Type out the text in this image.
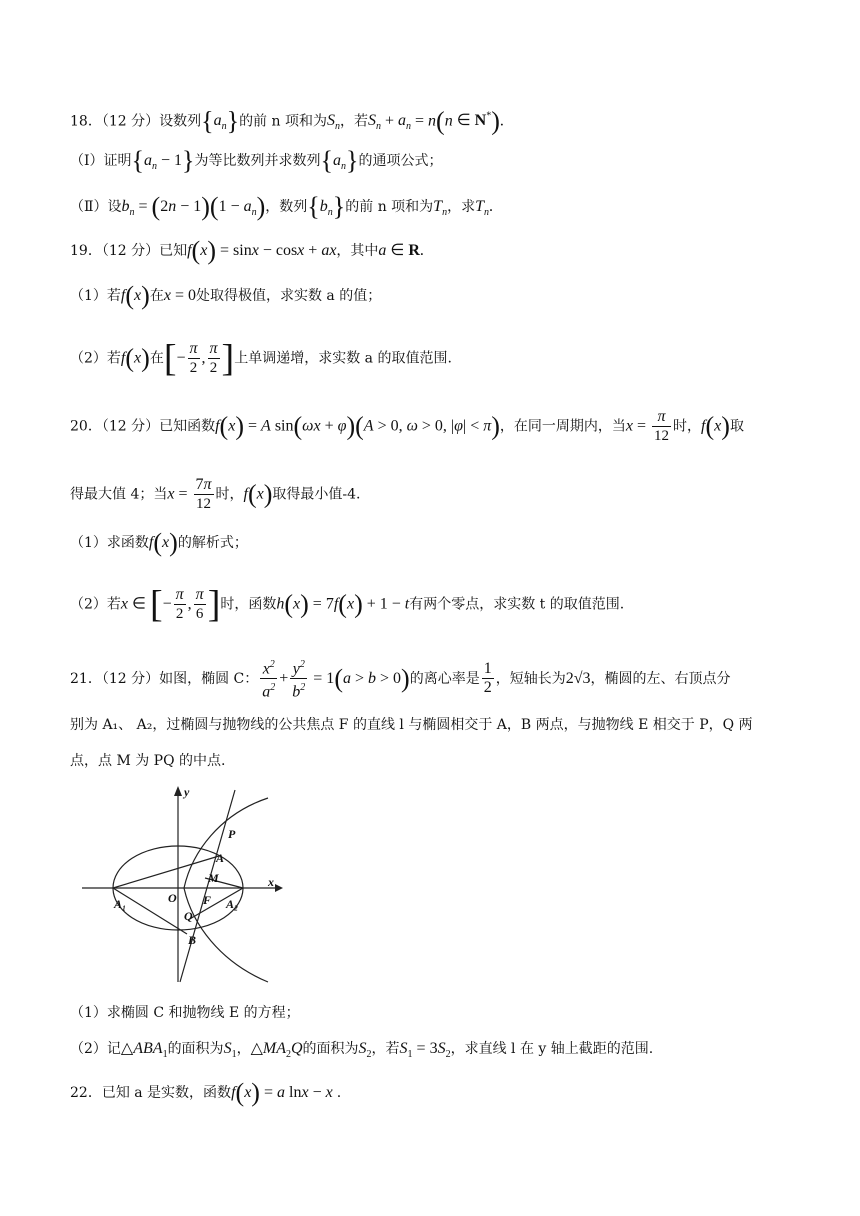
18．（12 分）设数列$\{a_n\}$的前 n 项和为$S_n$，若$S_n + a_n = n(n$ ∈ N*).
（Ⅰ）证明$\{a_n - 1\}$为等比数列并求数列$\{a_n\}$的通项公式；
（Ⅱ）设$b_n = (2n - 1)(1 - a_n)$，数列$\{b_n\}$的前 n 项和为$T_n$，求$T_n$.
19．（12 分）已知f(x) = sinx − cosx + ax，其中a ∈ R.
（1）若f(x)在x = 0处取得极值，求实数 a 的值；
（2）若f(x)在[− $\frac{\pi}{2}$ , $\frac{\pi}{2}$ ]上单调递增，求实数 a 的取值范围.
20．（12 分）已知函数f(x) = A sin(ωx + φ)(A > 0, ω > 0, |φ| < π)，在同一周期内，当$x = \frac{\pi}{12}$ 时，f(x)取
得最大值 4；当$x = \frac{7\pi}{12}$ 时，f(x)取得最小值-4.
（1）求函数f(x)的解析式；
（2）若x ∈ [− $\frac{\pi}{2}$ , $\frac{\pi}{6}$ ]时，函数h(x) = 7f(x) + 1 − t有两个零点，求实数 t 的取值范围.
21．（12 分）如图，椭圆 C： $\frac{x^2}{a^2} + \frac{y^2}{b^2} = 1(a > b > 0)$的离心率是 $\frac{1}{2}$ ，短轴长为2√3，椭圆的左、右顶点分
别为 A₁、 A₂，过椭圆与抛物线的公共焦点 F 的直线 l 与椭圆相交于 A，B 两点，与抛物线 E 相交于 P，Q 两
点，点 M 为 PQ 的中点.
y
x
P
A
M
A₁	O F A₂
Q
B
（1）求椭圆 C 和抛物线 E 的方程；
（2）记$\triangle ABA_1$的面积为$S_1$，$\triangle MA_2Q$的面积为$S_2$，若$S_1 = 3S_2$，求直线 l 在 y 轴上截距的范围.
22．已知 a 是实数，函数f(x) = a lnx − x .
